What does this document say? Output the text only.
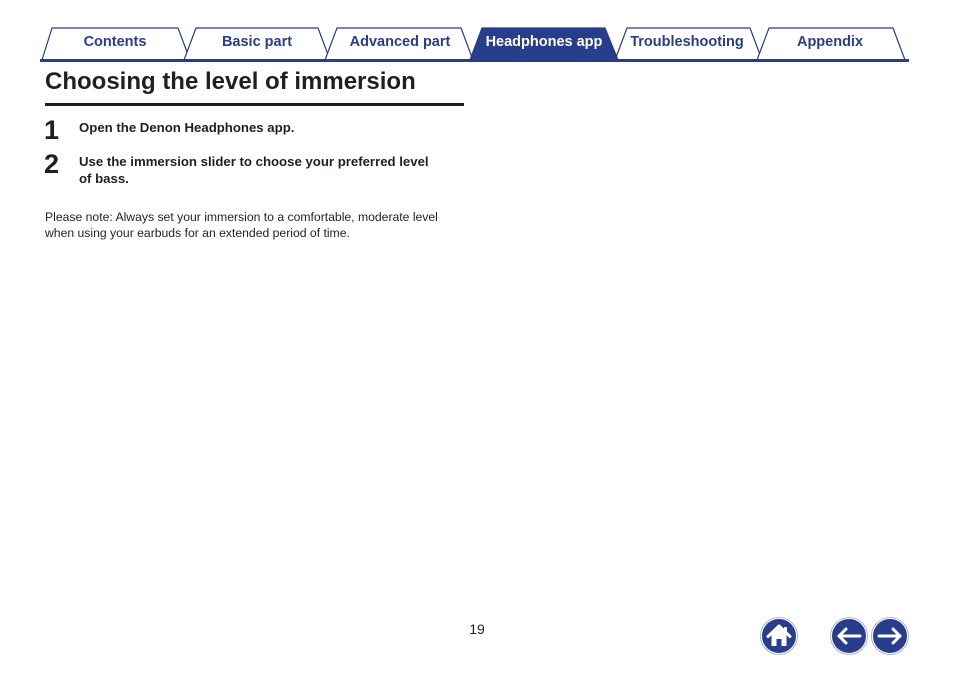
Contents	Basic part	Advanced part	Headphones app	Troubleshooting	Appendix
Choosing the level of immersion
1 Open the Denon Headphones app.
2 Use the immersion slider to choose your preferred level of bass.
Please note: Always set your immersion to a comfortable, moderate level when using your earbuds for an extended period of time.
19
